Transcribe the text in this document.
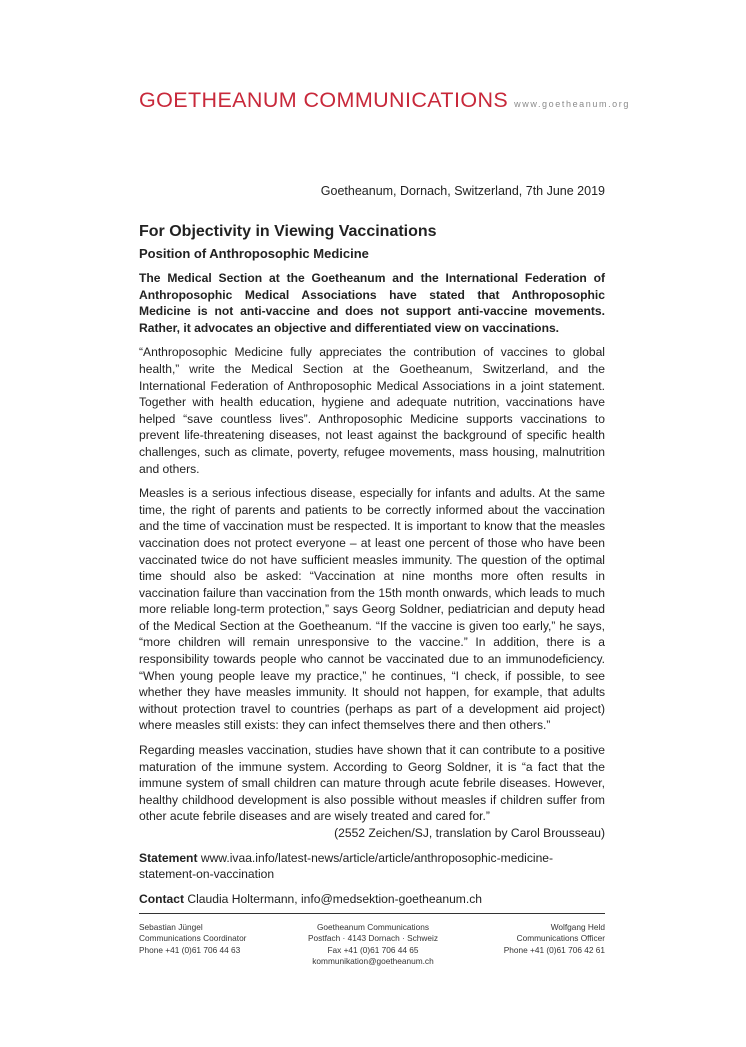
GOETHEANUM COMMUNICATIONS www.goetheanum.org
Goetheanum, Dornach, Switzerland, 7th June 2019
For Objectivity in Viewing Vaccinations
Position of Anthroposophic Medicine

The Medical Section at the Goetheanum and the International Federation of Anthroposophic Medical Associations have stated that Anthroposophic Medicine is not anti-vaccine and does not support anti-vaccine movements. Rather, it advocates an objective and differentiated view on vaccinations.

“Anthroposophic Medicine fully appreciates the contribution of vaccines to global health,” write the Medical Section at the Goetheanum, Switzerland, and the International Federation of Anthroposophic Medical Associations in a joint statement. Together with health education, hygiene and adequate nutrition, vaccinations have helped “save countless lives”. Anthroposophic Medicine supports vaccinations to prevent life-threatening diseases, not least against the background of specific health challenges, such as climate, poverty, refugee movements, mass housing, malnutrition and others.

Measles is a serious infectious disease, especially for infants and adults. At the same time, the right of parents and patients to be correctly informed about the vaccination and the time of vaccination must be respected. It is important to know that the measles vaccination does not protect everyone – at least one percent of those who have been vaccinated twice do not have sufficient measles immunity. The question of the optimal time should also be asked: “Vaccination at nine months more often results in vaccination failure than vaccination from the 15th month onwards, which leads to much more reliable long-term protection,” says Georg Soldner, pediatrician and deputy head of the Medical Section at the Goetheanum. “If the vaccine is given too early,” he says, “more children will remain unresponsive to the vaccine.” In addition, there is a responsibility towards people who cannot be vaccinated due to an immunodeficiency. “When young people leave my practice,” he continues, “I check, if possible, to see whether they have measles immunity. It should not happen, for example, that adults without protection travel to countries (perhaps as part of a development aid project) where measles still exists: they can infect themselves there and then others.”

Regarding measles vaccination, studies have shown that it can contribute to a positive maturation of the immune system. According to Georg Soldner, it is “a fact that the immune system of small children can mature through acute febrile diseases. However, healthy childhood development is also possible without measles if children suffer from other acute febrile diseases and are wisely treated and cared for.”

(2552 Zeichen/SJ, translation by Carol Brousseau)

Statement www.ivaa.info/latest-news/article/article/anthroposophic-medicine-
statement-on-vaccination

Contact Claudia Holtermann, info@medsektion-goetheanum.ch

Sebastian Jüngel
Communications Coordinator
Phone +41 (0)61 706 44 63
Goetheanum Communications
Postfach · 4143 Dornach · Schweiz
Fax +41 (0)61 706 44 65
kommunikation@goetheanum.ch
Wolfgang Held
Communications Officer
Phone +41 (0)61 706 42 61
